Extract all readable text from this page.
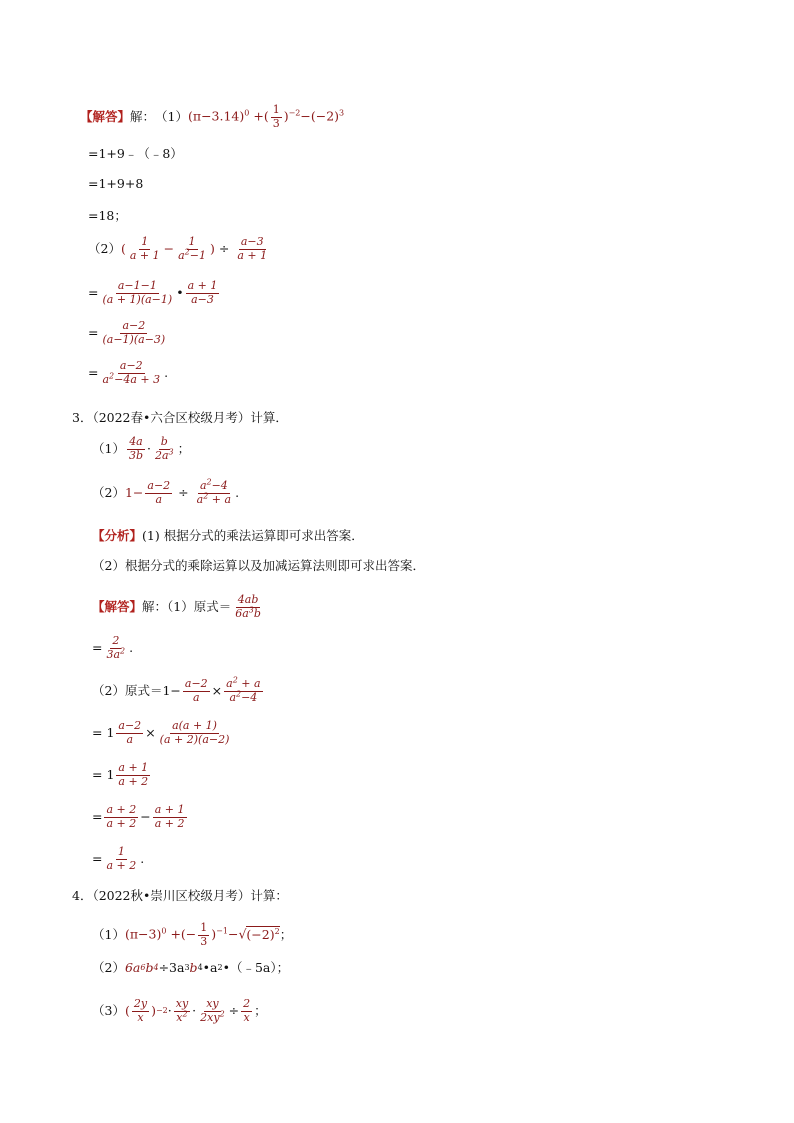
【解答】 解： （1） $(\pi-3.14)^0$ +( $\frac{1}{3} )^{-2}-(-2)^3$
=1+9﹣（﹣8）
=1+9+8
=18；
（2） ( $\frac{1}{a + 1} - \frac{1}{a^2-1}$ ) ÷ $\frac{a-3}{a + 1}$
= $\frac{a-1-1}{(a + 1)(a-1)}$ • $\frac{a + 1}{a-3}$
= $\frac{a-2}{(a-1)(a-3)}$
= $\frac{a-2}{a^2-4a + 3}$ .
3．（2022春•六合区校级月考）计算．
$(1) \frac{4a}{3b} \cdot \frac{b}{2a^3}$ ；
（2） $1- \frac{a-2}{a} \div \frac{a^2-4}{a^2 + a}$ .
【分析】 (1) 根据分式的乘法运算即可求出答案．
（2）根据分式的乘除运算以及加减运算法则即可求出答案．
【解答】 解：（1）原式＝ $\frac{4ab}{6a^3b}$
= $\frac{2}{3a^2}$ .
（2）原式$=1- \frac{a-2}{a} \times \frac{a^2 + a}{a^2-4}$
= $1 \frac{a-2}{a} \times \frac{a(a + 1)}{(a + 2)(a-2)}$
= $1 \frac{a + 1}{a + 2}$
= $\frac{a + 2}{a + 2} - \frac{a + 1}{a + 2}$
= $\frac{1}{a + 2}$ .
4．（2022秋•崇川区校级月考）计算：
（1） $(\pi-3)^0$ +(− $\frac{1}{3} )^{-1}-√(-2)^2$ ；
（2） 6a 6 b 4 ÷3a 3 b 4 •a 2 •（﹣5a）；
（3） ( $\frac{2y}{x}$ ) $-2 \cdot \frac{xy}{x^2} \cdot \frac{xy}{2xy^2} \div \frac{2}{x}$ ；
